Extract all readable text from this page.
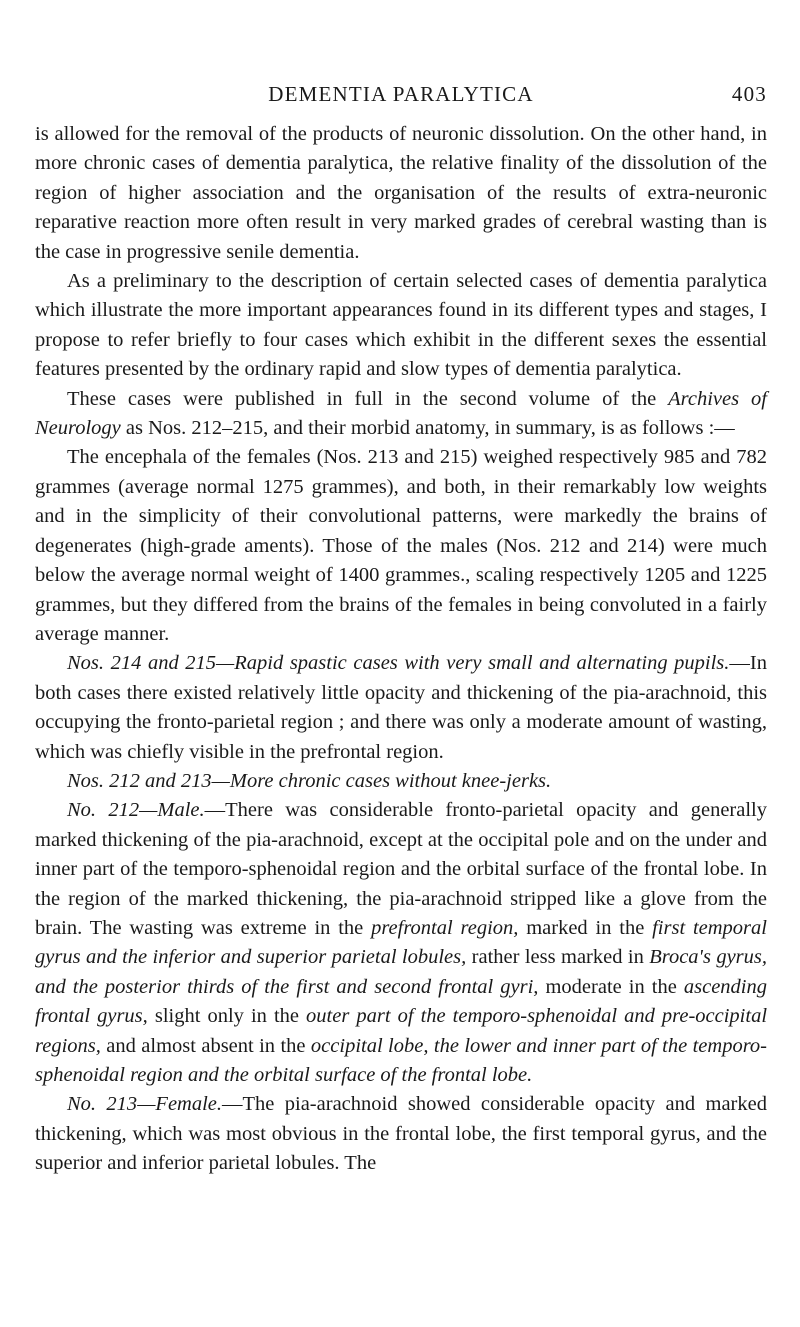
DEMENTIA PARALYTICA	403

is allowed for the removal of the products of neuronic dissolution. On the other hand, in more chronic cases of dementia paralytica, the relative finality of the dissolution of the region of higher association and the organisation of the results of extra-neuronic reparative reaction more often result in very marked grades of cerebral wasting than is the case in progressive senile dementia.

As a preliminary to the description of certain selected cases of dementia paralytica which illustrate the more important appearances found in its different types and stages, I propose to refer briefly to four cases which exhibit in the different sexes the essential features presented by the ordinary rapid and slow types of dementia paralytica.

These cases were published in full in the second volume of the Archives of Neurology as Nos. 212–215, and their morbid anatomy, in summary, is as follows :—

The encephala of the females (Nos. 213 and 215) weighed respectively 985 and 782 grammes (average normal 1275 grammes), and both, in their remarkably low weights and in the simplicity of their convolutional patterns, were markedly the brains of degenerates (high-grade aments). Those of the males (Nos. 212 and 214) were much below the average normal weight of 1400 grammes., scaling respectively 1205 and 1225 grammes, but they differed from the brains of the females in being convoluted in a fairly average manner.

Nos. 214 and 215—Rapid spastic cases with very small and alternating pupils.—In both cases there existed relatively little opacity and thickening of the pia-arachnoid, this occupying the fronto-parietal region ; and there was only a moderate amount of wasting, which was chiefly visible in the prefrontal region.

Nos. 212 and 213—More chronic cases without knee-jerks.

No. 212—Male.—There was considerable fronto-parietal opacity and generally marked thickening of the pia-arachnoid, except at the occipital pole and on the under and inner part of the temporo-sphenoidal region and the orbital surface of the frontal lobe. In the region of the marked thickening, the pia-arachnoid stripped like a glove from the brain. The wasting was extreme in the prefrontal region, marked in the first temporal gyrus and the inferior and superior parietal lobules, rather less marked in Broca's gyrus, and the posterior thirds of the first and second frontal gyri, moderate in the ascending frontal gyrus, slight only in the outer part of the temporo-sphenoidal and pre-occipital regions, and almost absent in the occipital lobe, the lower and inner part of the temporo-sphenoidal region and the orbital surface of the frontal lobe.

No. 213—Female.—The pia-arachnoid showed considerable opacity and marked thickening, which was most obvious in the frontal lobe, the first temporal gyrus, and the superior and inferior parietal lobules. The
